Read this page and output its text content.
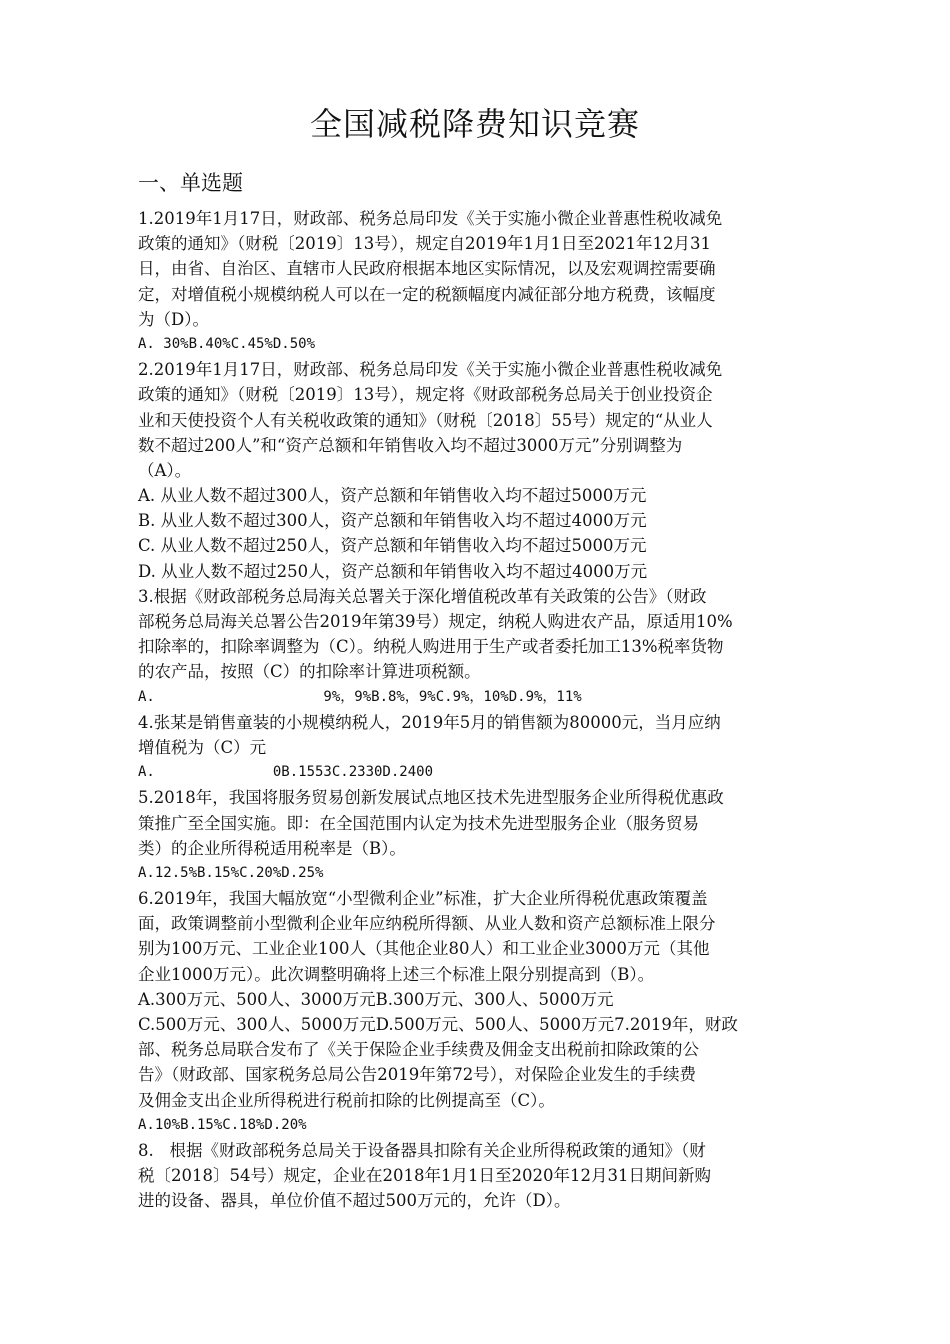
全国减税降费知识竞赛
一、单选题
1.2019年1月17日，财政部、税务总局印发《关于实施小微企业普惠性税收减免
政策的通知》（财税〔2019〕13号），规定自2019年1月1日至2021年12月31
日，由省、自治区、直辖市人民政府根据本地区实际情况，以及宏观调控需要确
定，对增值税小规模纳税人可以在一定的税额幅度内减征部分地方税费，该幅度
为（D）。
A. 30%B.40%C.45%D.50%
2.2019年1月17日，财政部、税务总局印发《关于实施小微企业普惠性税收减免
政策的通知》（财税〔2019〕13号），规定将《财政部税务总局关于创业投资企
业和天使投资个人有关税收政策的通知》（财税〔2018〕55号）规定的“从业人
数不超过200人”和“资产总额和年销售收入均不超过3000万元”分别调整为
（A）。
A. 从业人数不超过300人，资产总额和年销售收入均不超过5000万元
B. 从业人数不超过300人，资产总额和年销售收入均不超过4000万元
C. 从业人数不超过250人，资产总额和年销售收入均不超过5000万元
D. 从业人数不超过250人，资产总额和年销售收入均不超过4000万元
3.根据《财政部税务总局海关总署关于深化增值税改革有关政策的公告》（财政
部税务总局海关总署公告2019年第39号）规定，纳税人购进农产品，原适用10%
扣除率的，扣除率调整为（C）。纳税人购进用于生产或者委托加工13%税率货物
的农产品，按照（C）的扣除率计算进项税额。
A.                    9%，9%B.8%，9%C.9%，10%D.9%，11%
4.张某是销售童装的小规模纳税人，2019年5月的销售额为80000元，当月应纳
增值税为（C）元
A.              0B.1553C.2330D.2400
5.2018年，我国将服务贸易创新发展试点地区技术先进型服务企业所得税优惠政
策推广至全国实施。即：在全国范围内认定为技术先进型服务企业（服务贸易
类）的企业所得税适用税率是（B）。
A.12.5%B.15%C.20%D.25%
6.2019年，我国大幅放宽“小型微利企业”标准，扩大企业所得税优惠政策覆盖
面，政策调整前小型微利企业年应纳税所得额、从业人数和资产总额标准上限分
别为100万元、工业企业100人（其他企业80人）和工业企业3000万元（其他
企业1000万元）。此次调整明确将上述三个标准上限分别提高到（B）。
A.300万元、500人、3000万元B.300万元、300人、5000万元
C.500万元、300人、5000万元D.500万元、500人、5000万元7.2019年，财政
部、税务总局联合发布了《关于保险企业手续费及佣金支出税前扣除政策的公
告》（财政部、国家税务总局公告2019年第72号），对保险企业发生的手续费
及佣金支出企业所得税进行税前扣除的比例提高至（C）。
A.10%B.15%C.18%D.20%
8.   根据《财政部税务总局关于设备器具扣除有关企业所得税政策的通知》（财
税〔2018〕54号）规定，企业在2018年1月1日至2020年12月31日期间新购
进的设备、器具，单位价值不超过500万元的，允许（D）。
